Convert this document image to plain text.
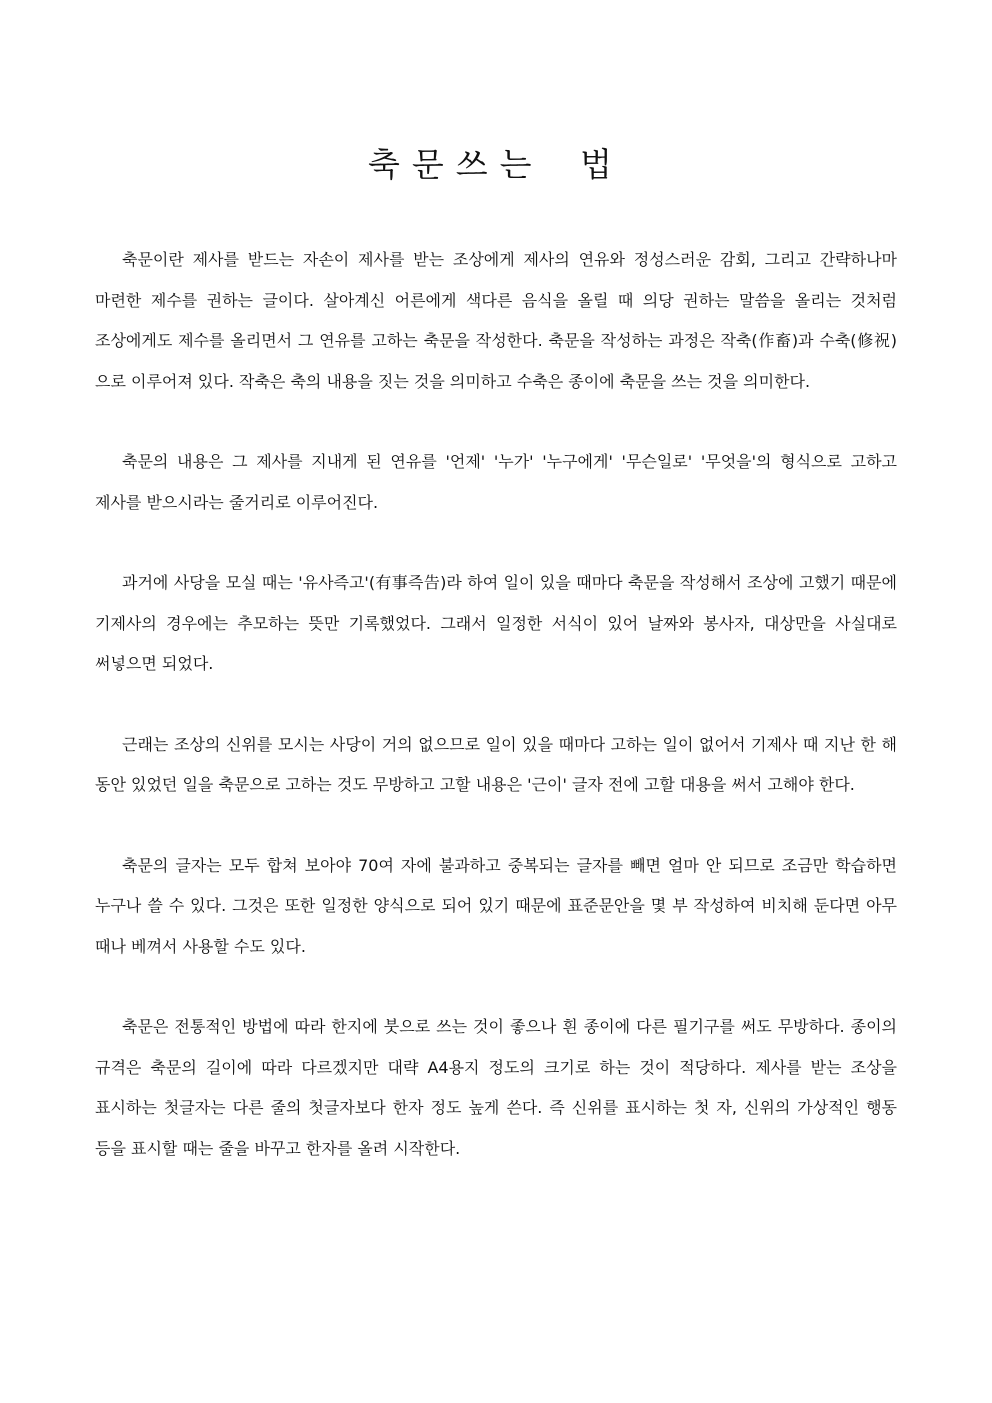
축문쓰는 법

축문이란 제사를 받드는 자손이 제사를 받는 조상에게 제사의 연유와 정성스러운 감회, 그리고 간략하나마 마련한 제수를 권하는 글이다. 살아계신 어른에게 색다른 음식을 올릴 때 의당 권하는 말씀을 올리는 것처럼 조상에게도 제수를 올리면서 그 연유를 고하는 축문을 작성한다. 축문을 작성하는 과정은 작축(作畜)과 수축(修祝)으로 이루어져 있다. 작축은 축의 내용을 짓는 것을 의미하고 수축은 종이에 축문을 쓰는 것을 의미한다.

축문의 내용은 그 제사를 지내게 된 연유를 '언제' '누가' '누구에게' '무슨일로' '무엇을'의 형식으로 고하고 제사를 받으시라는 줄거리로 이루어진다.

과거에 사당을 모실 때는 '유사즉고'(有事즉告)라 하여 일이 있을 때마다 축문을 작성해서 조상에 고했기 때문에 기제사의 경우에는 추모하는 뜻만 기록했었다. 그래서 일정한 서식이 있어 날짜와 봉사자, 대상만을 사실대로 써넣으면 되었다.

근래는 조상의 신위를 모시는 사당이 거의 없으므로 일이 있을 때마다 고하는 일이 없어서 기제사 때 지난 한 해 동안 있었던 일을 축문으로 고하는 것도 무방하고 고할 내용은 '근이' 글자 전에 고할 대용을 써서 고해야 한다.

축문의 글자는 모두 합쳐 보아야 70여 자에 불과하고 중복되는 글자를 빼면 얼마 안 되므로 조금만 학습하면 누구나 쓸 수 있다. 그것은 또한 일정한 양식으로 되어 있기 때문에 표준문안을 몇 부 작성하여 비치해 둔다면 아무 때나 베껴서 사용할 수도 있다.

축문은 전통적인 방법에 따라 한지에 붓으로 쓰는 것이 좋으나 흰 종이에 다른 필기구를 써도 무방하다. 종이의 규격은 축문의 길이에 따라 다르겠지만 대략 A4용지 정도의 크기로 하는 것이 적당하다. 제사를 받는 조상을 표시하는 첫글자는 다른 줄의 첫글자보다 한자 정도 높게 쓴다. 즉 신위를 표시하는 첫 자, 신위의 가상적인 행동 등을 표시할 때는 줄을 바꾸고 한자를 올려 시작한다.
